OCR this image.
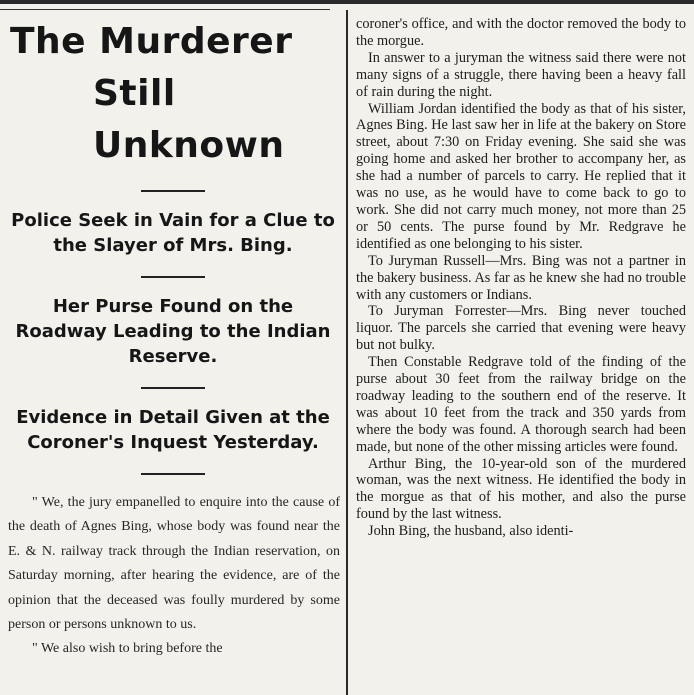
The Murderer
Still Unknown

Police Seek in Vain for a Clue to the Slayer of Mrs. Bing.

Her Purse Found on the Roadway Leading to the Indian Reserve.

Evidence in Detail Given at the Coroner's Inquest Yesterday.

" We, the jury empanelled to enquire into the cause of the death of Agnes Bing, whose body was found near the E. & N. railway track through the Indian reservation, on Saturday morning, after hearing the evidence, are of the opinion that the deceased was foully murdered by some person or persons unknown to us.

" We also wish to bring before the

coroner's office, and with the doctor removed the body to the morgue.

In answer to a juryman the witness said there were not many signs of a struggle, there having been a heavy fall of rain during the night.

William Jordan identified the body as that of his sister, Agnes Bing. He last saw her in life at the bakery on Store street, about 7:30 on Friday evening. She said she was going home and asked her brother to accompany her, as she had a number of parcels to carry. He replied that it was no use, as he would have to come back to go to work. She did not carry much money, not more than 25 or 50 cents. The purse found by Mr. Redgrave he identified as one belonging to his sister.

To Juryman Russell—Mrs. Bing was not a partner in the bakery business. As far as he knew she had no trouble with any customers or Indians.

To Juryman Forrester—Mrs. Bing never touched liquor. The parcels she carried that evening were heavy but not bulky.

Then Constable Redgrave told of the finding of the purse about 30 feet from the railway bridge on the roadway leading to the southern end of the reserve. It was about 10 feet from the track and 350 yards from where the body was found. A thorough search had been made, but none of the other missing articles were found.

Arthur Bing, the 10-year-old son of the murdered woman, was the next witness. He identified the body in the morgue as that of his mother, and also the purse found by the last witness.

John Bing, the husband, also identi-
